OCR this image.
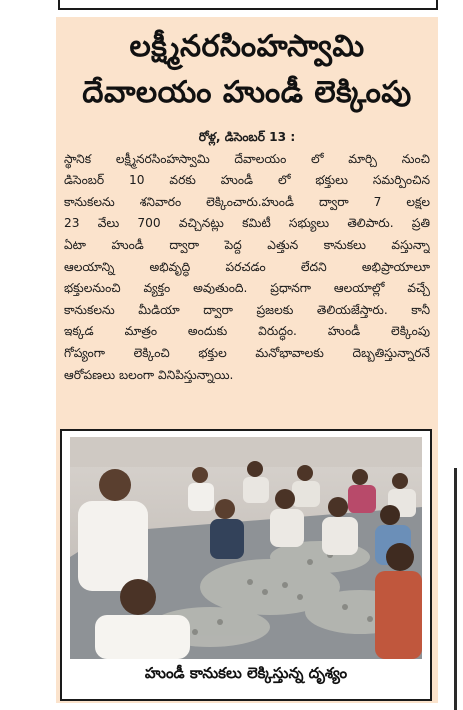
లక్ష్మీనరసింహస్వామి
దేవాలయం హుండీ లెక్కింపు
రోళ్ల, డిసెంబర్ 13 :
స్థానిక లక్ష్మీనరసింహస్వామి దేవాలయం లో మార్చి నుంచి
డిసెంబర్ 10 వరకు హుండీ లో భక్తులు సమర్పించిన
కానుకలను శనివారం లెక్కించారు.హుండీ ద్వారా 7 లక్షల
23 వేలు 700 వచ్చినట్లు కమిటీ సభ్యులు తెలిపారు. ప్రతి
ఏటా హుండీ ద్వారా పెద్ద ఎత్తున కానుకలు వస్తున్నా
ఆలయాన్ని అభివృద్ధి పరచడం లేదని అభిప్రాయాలూ
భక్తులనుంచి వ్యక్తం అవుతుంది. ప్రధానగా ఆలయాల్లో వచ్చే
కానుకలను మీడియా ద్వారా ప్రజలకు తెలియజేస్తారు. కానీ
ఇక్కడ మాత్రం అందుకు విరుద్ధం. హుండీ లెక్కింపు
గోప్యంగా లెక్కించి భక్తుల మనోభావాలకు దెబ్బతిస్తున్నారనే
ఆరోపణలు బలంగా వినిపిస్తున్నాయి.
హుండీ కానుకలు లెక్కిస్తున్న దృశ్యం
